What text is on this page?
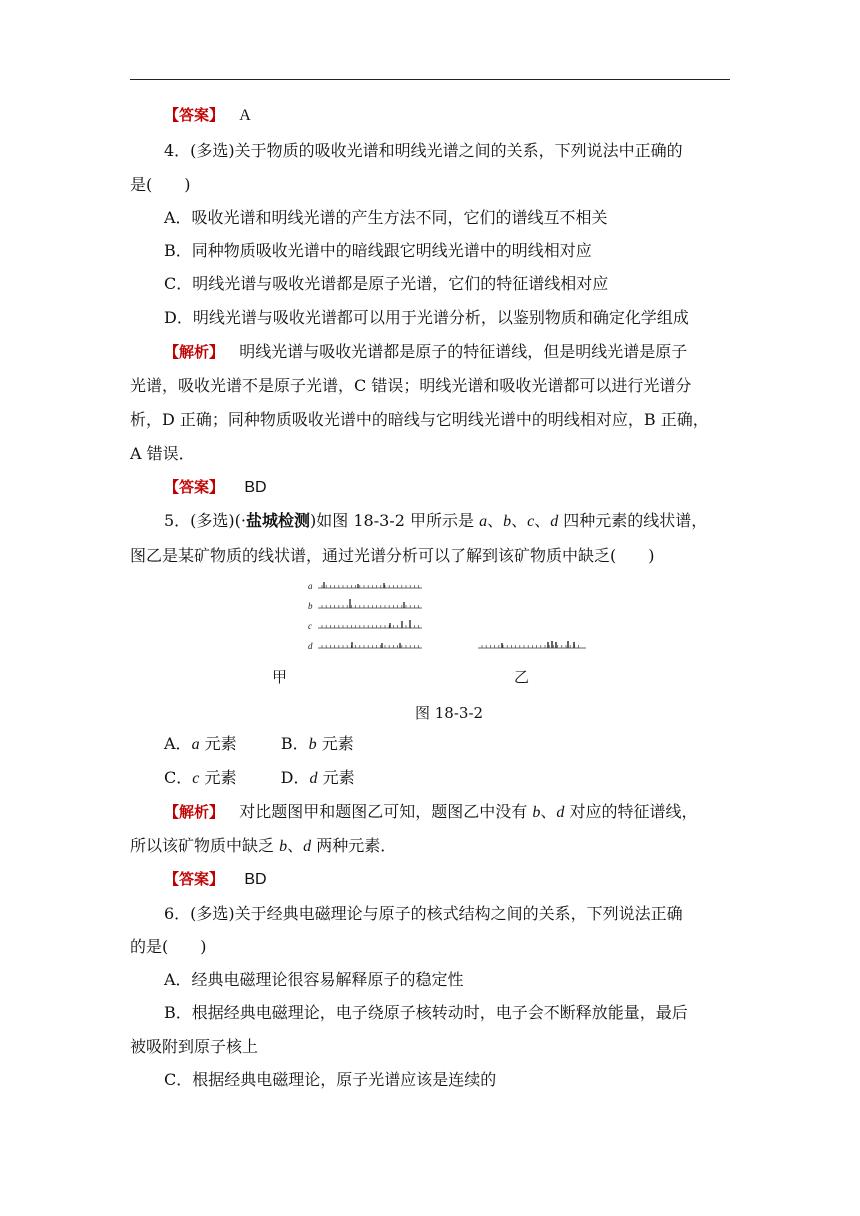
【答案】 A
4．(多选)关于物质的吸收光谱和明线光谱之间的关系，下列说法中正确的
是(　　)
A．吸收光谱和明线光谱的产生方法不同，它们的谱线互不相关
B．同种物质吸收光谱中的暗线跟它明线光谱中的明线相对应
C．明线光谱与吸收光谱都是原子光谱，它们的特征谱线相对应
D．明线光谱与吸收光谱都可以用于光谱分析，以鉴别物质和确定化学组成
【解析】 明线光谱与吸收光谱都是原子的特征谱线，但是明线光谱是原子
光谱，吸收光谱不是原子光谱，C 错误；明线光谱和吸收光谱都可以进行光谱分
析，D 正确；同种物质吸收光谱中的暗线与它明线光谱中的明线相对应，B 正确，
A 错误．
【答案】 BD
5．(多选)(·盐城检测)如图 18-3-2 甲所示是 a、b、c、d 四种元素的线状谱，
图乙是某矿物质的线状谱，通过光谱分析可以了解到该矿物质中缺乏(　　)
a
b
c
d
甲	乙
图 18-3-2
A．a 元素	B．b 元素
C．c 元素	D．d 元素
【解析】 对比题图甲和题图乙可知，题图乙中没有 b、d 对应的特征谱线，
所以该矿物质中缺乏 b、d 两种元素．
【答案】 BD
6．(多选)关于经典电磁理论与原子的核式结构之间的关系，下列说法正确
的是(　　)
A．经典电磁理论很容易解释原子的稳定性
B．根据经典电磁理论，电子绕原子核转动时，电子会不断释放能量，最后
被吸附到原子核上
C．根据经典电磁理论，原子光谱应该是连续的
